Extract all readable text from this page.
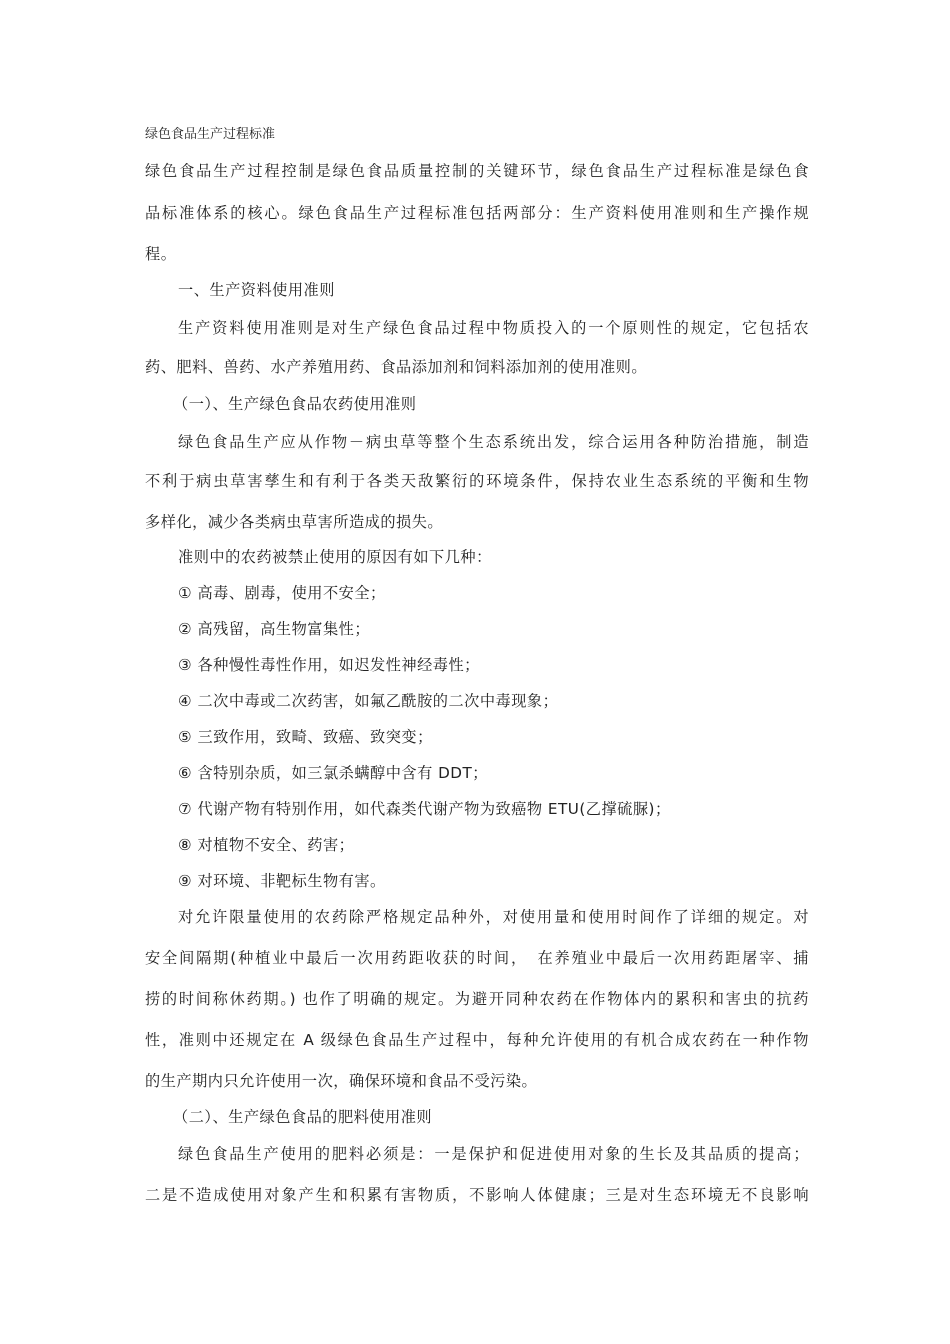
绿色食品生产过程标准

绿色食品生产过程控制是绿色食品质量控制的关键环节，绿色食品生产过程标准是绿色食

品标准体系的核心。绿色食品生产过程标准包括两部分：生产资料使用准则和生产操作规

程。

一、生产资料使用准则

生产资料使用准则是对生产绿色食品过程中物质投入的一个原则性的规定，它包括农

药、肥料、兽药、水产养殖用药、食品添加剂和饲料添加剂的使用准则。

（一）、生产绿色食品农药使用准则

绿色食品生产应从作物－病虫草等整个生态系统出发，综合运用各种防治措施，制造

不利于病虫草害孳生和有利于各类天敌繁衍的环境条件，保持农业生态系统的平衡和生物

多样化，减少各类病虫草害所造成的损失。

准则中的农药被禁止使用的原因有如下几种：

① 高毒、剧毒，使用不安全；

② 高残留，高生物富集性；

③ 各种慢性毒性作用，如迟发性神经毒性；

④ 二次中毒或二次药害，如氟乙酰胺的二次中毒现象；

⑤ 三致作用，致畸、致癌、致突变；

⑥ 含特别杂质，如三氯杀螨醇中含有 DDT；

⑦ 代谢产物有特别作用，如代森类代谢产物为致癌物 ETU(乙撑硫脲)；

⑧ 对植物不安全、药害；

⑨ 对环境、非靶标生物有害。

对允许限量使用的农药除严格规定品种外，对使用量和使用时间作了详细的规定。对

安全间隔期(种植业中最后一次用药距收获的时间，　在养殖业中最后一次用药距屠宰、捕

捞的时间称休药期。) 也作了明确的规定。为避开同种农药在作物体内的累积和害虫的抗药

性，准则中还规定在 A 级绿色食品生产过程中，每种允许使用的有机合成农药在一种作物

的生产期内只允许使用一次，确保环境和食品不受污染。

（二）、生产绿色食品的肥料使用准则

绿色食品生产使用的肥料必须是：一是保护和促进使用对象的生长及其品质的提高；

二是不造成使用对象产生和积累有害物质，不影响人体健康；三是对生态环境无不良影响
